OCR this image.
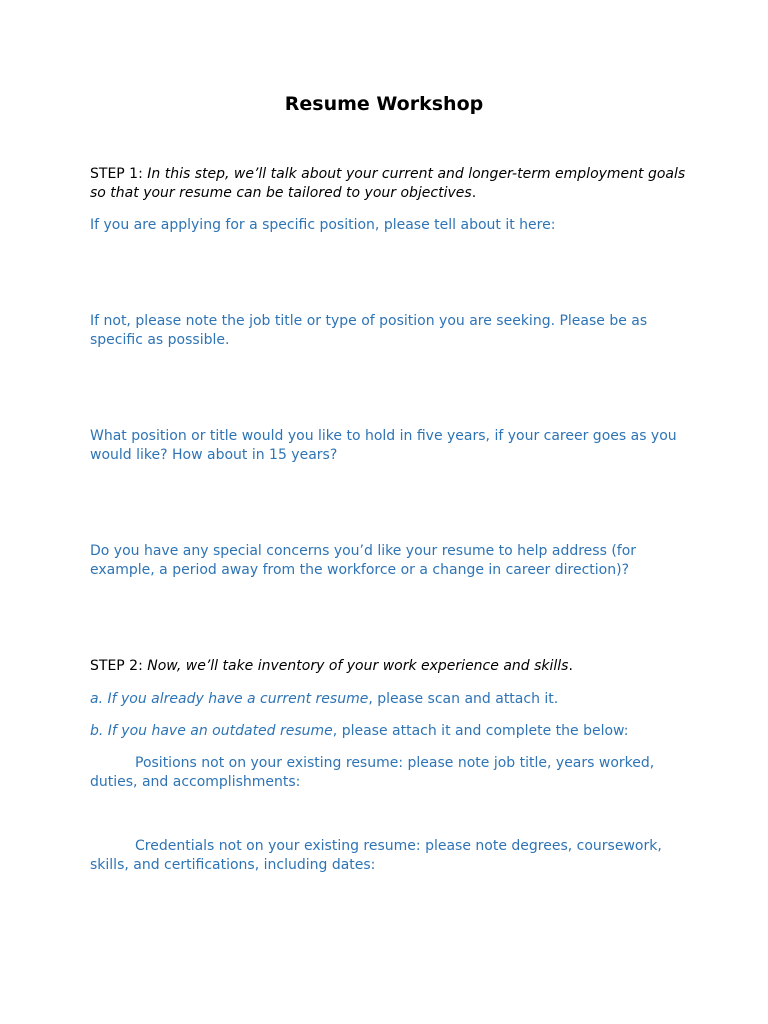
Resume Workshop
STEP 1: In this step, we’ll talk about your current and longer-term employment goals so that your resume can be tailored to your objectives.
If you are applying for a specific position, please tell about it here:
If not, please note the job title or type of position you are seeking. Please be as specific as possible.
What position or title would you like to hold in five years, if your career goes as you would like? How about in 15 years?
Do you have any special concerns you’d like your resume to help address (for example, a period away from the workforce or a change in career direction)?
STEP 2: Now, we’ll take inventory of your work experience and skills.
a. If you already have a current resume, please scan and attach it.
b. If you have an outdated resume, please attach it and complete the below:
Positions not on your existing resume: please note job title, years worked, duties, and accomplishments:
Credentials not on your existing resume: please note degrees, coursework, skills, and certifications, including dates:
